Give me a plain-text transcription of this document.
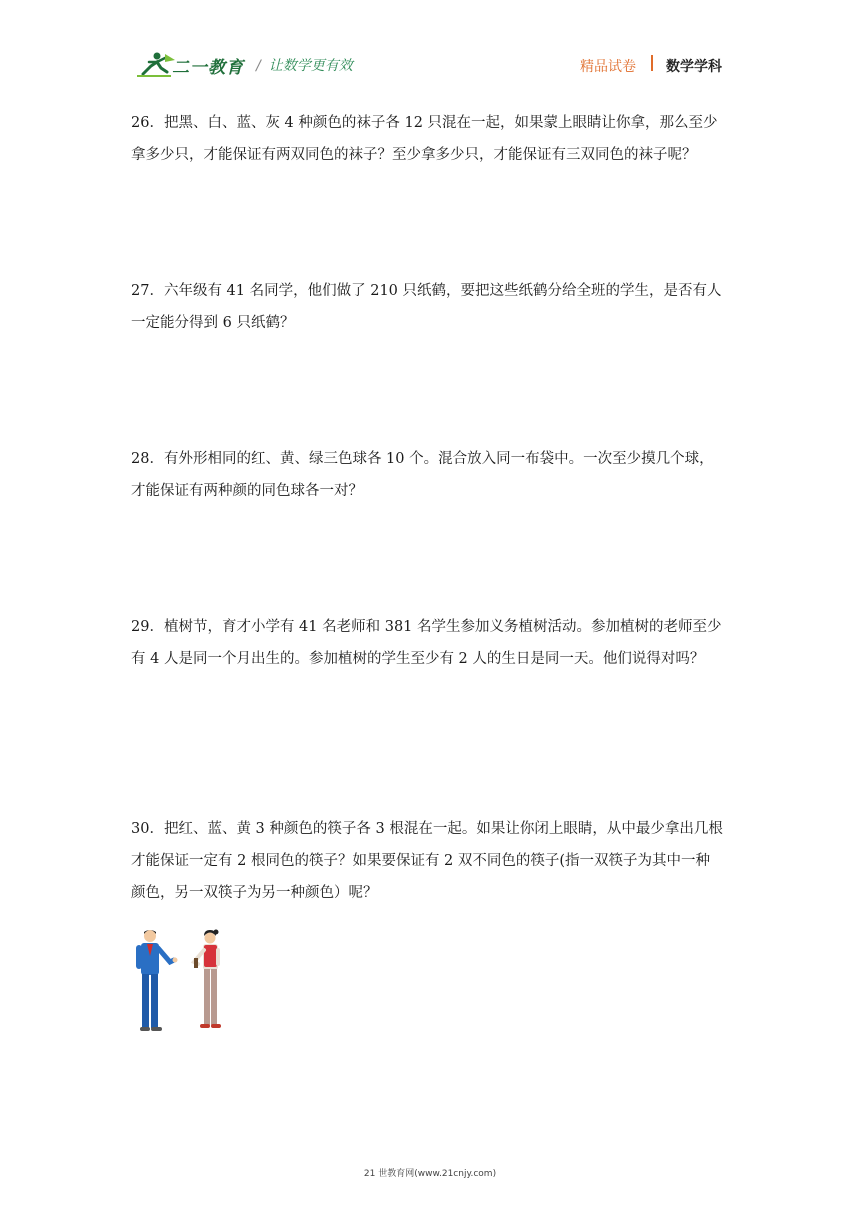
二一教育 / 让数学更有效	精品试卷 数学学科

26．把黑、白、蓝、灰 4 种颜色的袜子各 12 只混在一起，如果蒙上眼睛让你拿，那么至少

拿多少只，才能保证有两双同色的袜子？至少拿多少只，才能保证有三双同色的袜子呢？

27．六年级有 41 名同学，他们做了 210 只纸鹤，要把这些纸鹤分给全班的学生，是否有人

一定能分得到 6 只纸鹤？

28．有外形相同的红、黄、绿三色球各 10 个。混合放入同一布袋中。一次至少摸几个球，

才能保证有两种颜的同色球各一对？

29．植树节，育才小学有 41 名老师和 381 名学生参加义务植树活动。参加植树的老师至少

有 4 人是同一个月出生的。参加植树的学生至少有 2 人的生日是同一天。他们说得对吗？

30．把红、蓝、黄 3 种颜色的筷子各 3 根混在一起。如果让你闭上眼睛，从中最少拿出几根

才能保证一定有 2 根同色的筷子？如果要保证有 2 双不同色的筷子(指一双筷子为其中一种

颜色，另一双筷子为另一种颜色）呢？

21 世教育网(www.21cnjy.com)
